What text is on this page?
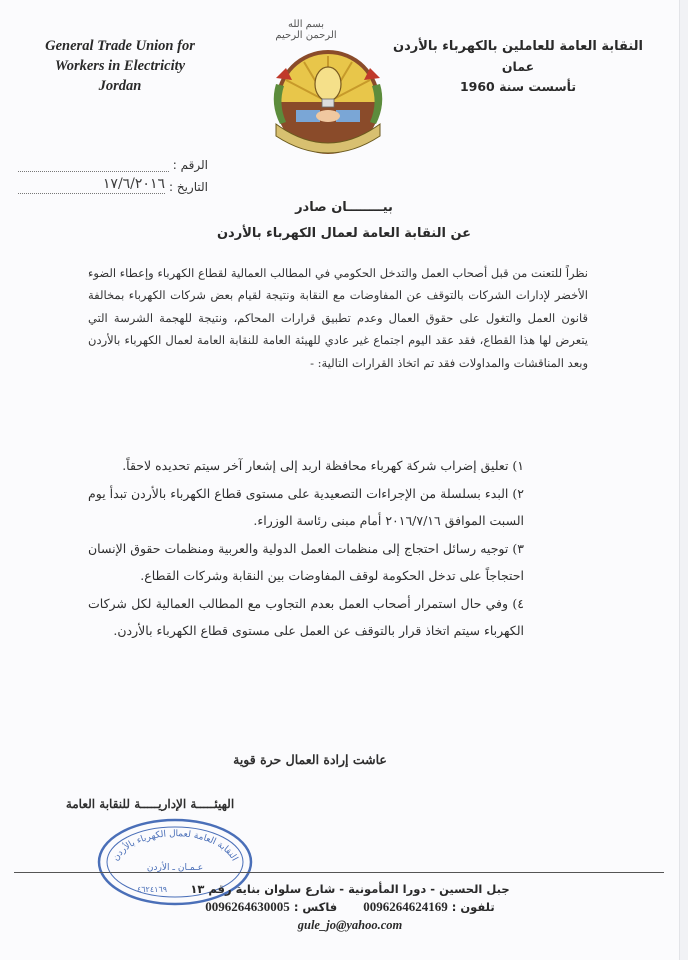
General Trade Union for
Workers in Electricity
Jordan
بسم الله الرحمن الرحيم
النقابة العامة للعاملين بالكهرباء بالأردن
عمان
تأسست سنة 1960
الرقم :
التاريخ :
١٧/٦/٢٠١٦
بيــــــــان صادر
عن النقابة العامة لعمال الكهرباء بالأردن
نظراً للتعنت من قبل أصحاب العمل والتدخل الحكومي في المطالب العمالية لقطاع الكهرباء وإعطاء الضوء الأخضر لإدارات الشركات بالتوقف عن المفاوضات مع النقابة ونتيجة لقيام بعض شركات الكهرباء بمخالفة قانون العمل والتغول على حقوق العمال وعدم تطبيق قرارات المحاكم، ونتيجة للهجمة الشرسة التي يتعرض لها هذا القطاع، فقد عقد اليوم اجتماع غير عادي للهيئة العامة للنقابة العامة لعمال الكهرباء بالأردن وبعد المناقشات والمداولات فقد تم اتخاذ القرارات التالية: -
١) تعليق إضراب شركة كهرباء محافظة اربد إلى إشعار آخر سيتم تحديده لاحقاً.
٢) البدء بسلسلة من الإجراءات التصعيدية على مستوى قطاع الكهرباء بالأردن تبدأ يوم السبت الموافق ٢٠١٦/٧/١٦ أمام مبنى رئاسة الوزراء.
٣) توجيه رسائل احتجاج إلى منظمات العمل الدولية والعربية ومنظمات حقوق الإنسان احتجاجاً على تدخل الحكومة لوقف المفاوضات بين النقابة وشركات القطاع.
٤) وفي حال استمرار أصحاب العمل بعدم التجاوب مع المطالب العمالية لكل شركات الكهرباء سيتم اتخاذ قرار بالتوقف عن العمل على مستوى قطاع الكهرباء بالأردن.
عاشت إرادة العمال حرة قوية
الهيئـــــة الإداريـــــة للنقابة العامة
النقابة العامة لعمال الكهرباء بالأردن
عـمـان ـ الأردن
٤٦٢٤١٦٩	جبل الحسين - دورا المأمونية - شارع سلوان بناية رقم ١٣
تلفون : 0096264624169  فاكس : 0096264630005
gule_jo@yahoo.com
